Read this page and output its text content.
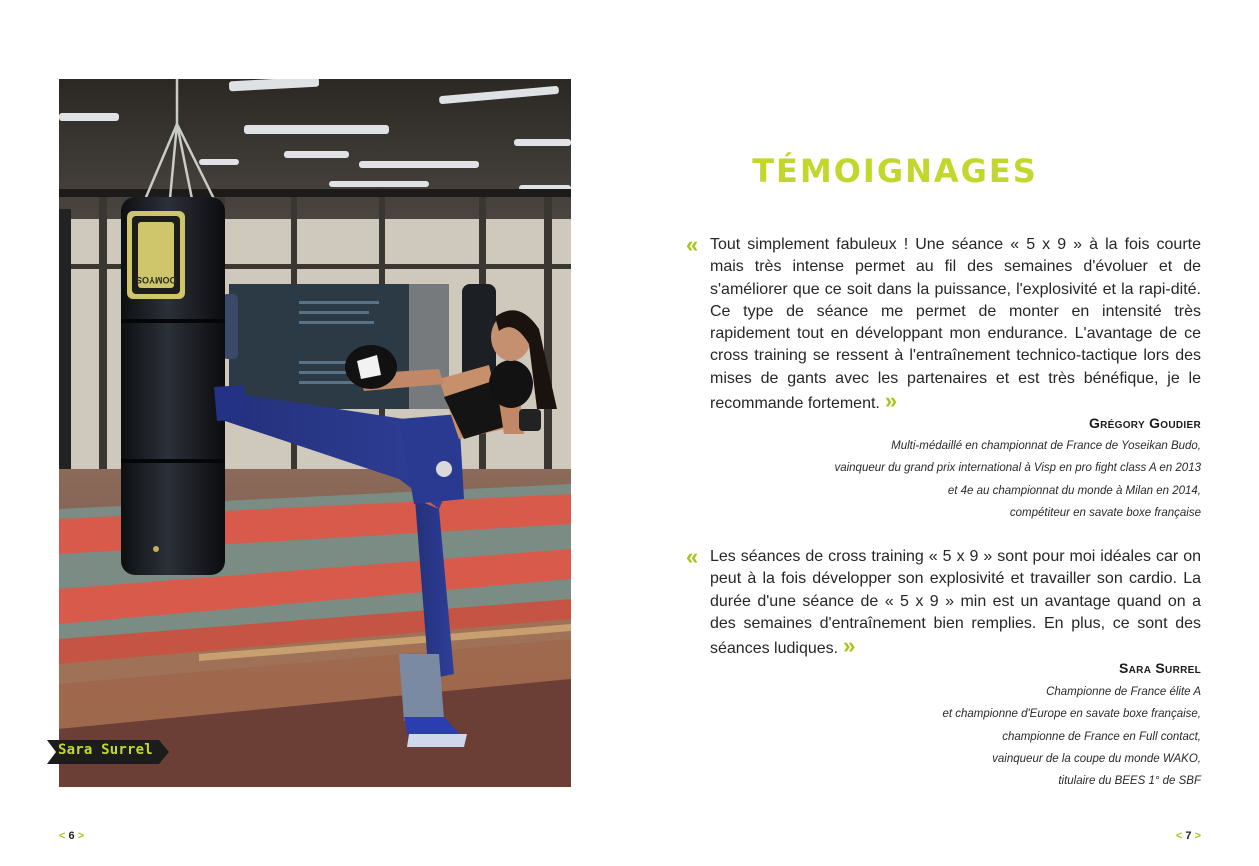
DOMYOS
Sara Surrel
< 6 >
TÉMOIGNAGES
« Tout simplement fabuleux ! Une séance « 5 x 9 » à la fois courte mais très intense permet au fil des semaines d'évoluer et de s'améliorer que ce soit dans la puissance, l'explosivité et la rapi-dité. Ce type de séance me permet de monter en intensité très rapidement tout en développant mon endurance. L'avantage de ce cross training se ressent à l'entraînement technico-tactique lors des mises de gants avec les partenaires et est très bénéfique, je le recommande fortement. »
Grégory Goudier
Multi-médaillé en championnat de France de Yoseikan Budo,
vainqueur du grand prix international à Visp en pro fight class A en 2013
et 4e au championnat du monde à Milan en 2014,
compétiteur en savate boxe française
« Les séances de cross training « 5 x 9 » sont pour moi idéales car on peut à la fois développer son explosivité et travailler son cardio. La durée d'une séance de « 5 x 9 » min est un avantage quand on a des semaines d'entraînement bien remplies. En plus, ce sont des séances ludiques. »
Sara Surrel
Championne de France élite A
et championne d'Europe en savate boxe française,
championne de France en Full contact,
vainqueur de la coupe du monde WAKO,
titulaire du BEES 1° de SBF
< 7 >
